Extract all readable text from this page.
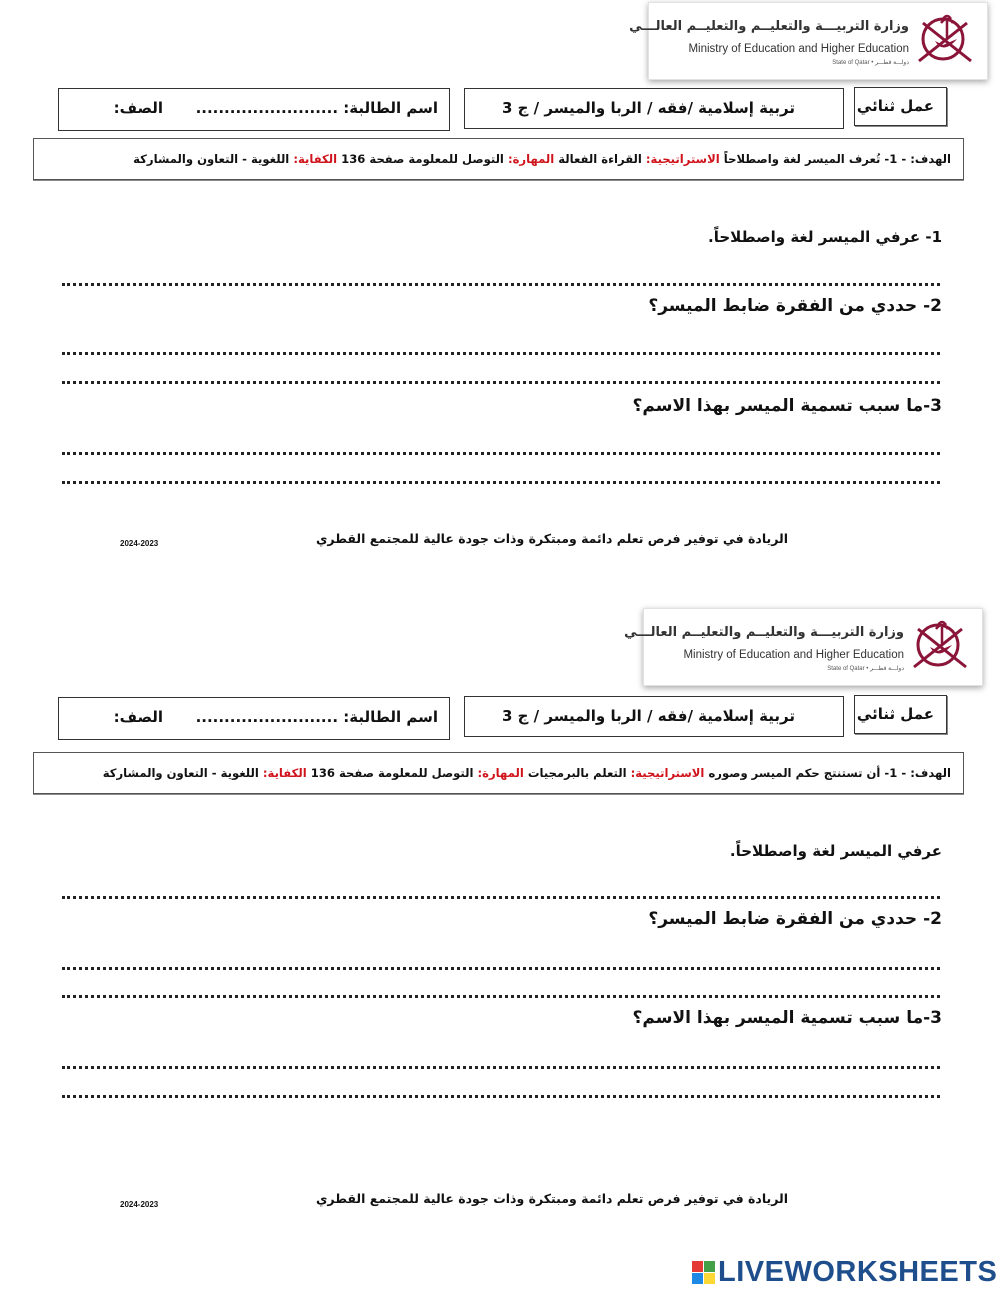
وزارة التربيـــة والتعليــم والتعليــم العالـــي
Ministry of Education and Higher Education
State of Qatar • دولـــة قطـــر
عمل ثنائي
تربية إسلامية /فقه / الربا والميسر / ج 3
اسم الطالبة: .........................
الصف:
الهدف: - 1- تُعرف الميسر لغة واصطلاحاً الاستراتيجية: القراءة الفعالة المهارة: التوصل للمعلومة صفحة 136 الكفاية: اللغوية - التعاون والمشاركة
1- عرفي الميسر لغة واصطلاحاً.
2- حددي من الفقرة ضابط الميسر؟
3-ما سبب تسمية الميسر بهذا الاسم؟
الريادة في توفير فرص تعلم دائمة ومبتكرة وذات جودة عالية للمجتمع القطري
2024-2023
وزارة التربيـــة والتعليــم والتعليــم العالـــي
Ministry of Education and Higher Education
State of Qatar • دولـــة قطـــر
عمل ثنائي
تربية إسلامية /فقه / الربا والميسر / ج 3
اسم الطالبة: .........................
الصف:
الهدف: - 1- أن تستنتج حكم الميسر وصوره الاستراتيجية: التعلم بالبرمجيات المهارة: التوصل للمعلومة صفحة 136 الكفاية: اللغوية - التعاون والمشاركة
عرفي الميسر لغة واصطلاحاً.
2- حددي من الفقرة ضابط الميسر؟
3-ما سبب تسمية الميسر بهذا الاسم؟
الريادة في توفير فرص تعلم دائمة ومبتكرة وذات جودة عالية للمجتمع القطري
2024-2023
LIVEWORKSHEETS
